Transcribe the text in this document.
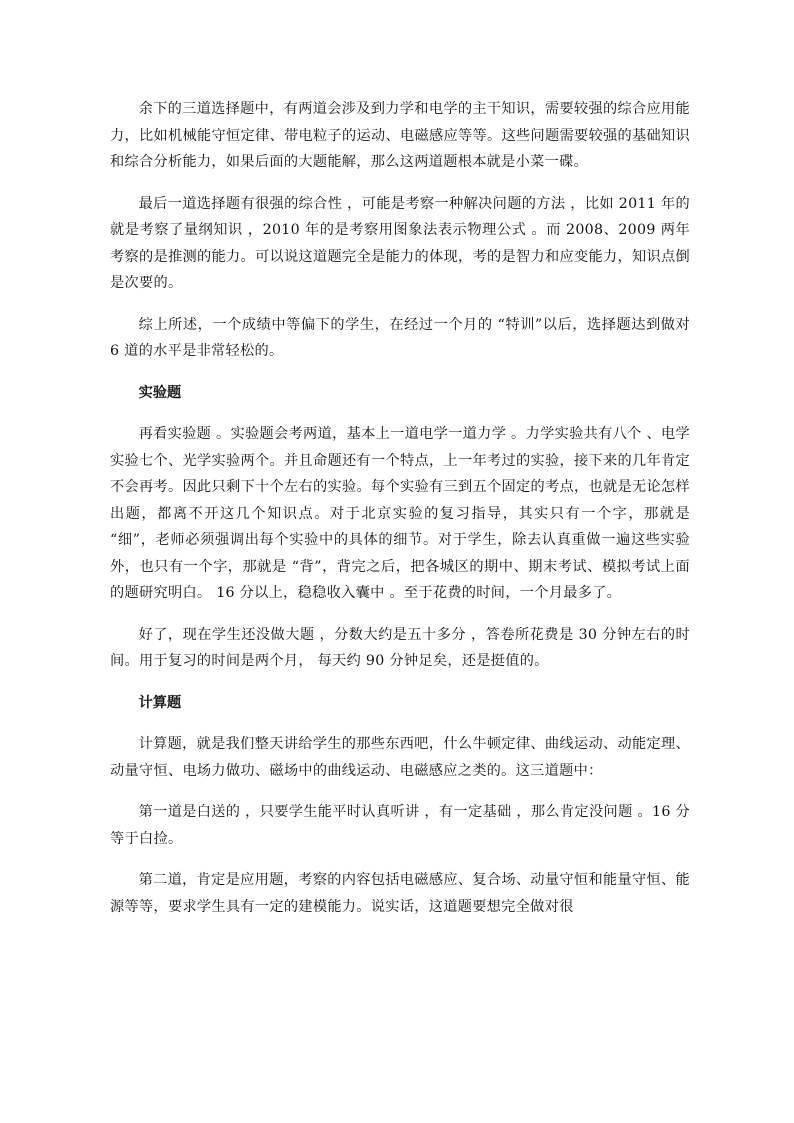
余下的三道选择题中，有两道会涉及到力学和电学的主干知识，需要较强的综合应用能力，比如机械能守恒定律、带电粒子的运动、电磁感应等等。这些问题需要较强的基础知识和综合分析能力，如果后面的大题能解，那么这两道题根本就是小菜一碟。

最后一道选择题有很强的综合性 ，可能是考察一种解决问题的方法 ，比如 2011 年的就是考察了量纲知识 ，2010 年的是考察用图象法表示物理公式 。而 2008、2009 两年考察的是推测的能力。可以说这道题完全是能力的体现，考的是智力和应变能力，知识点倒是次要的。

综上所述，一个成绩中等偏下的学生，在经过一个月的 “特训”以后，选择题达到做对 6 道的水平是非常轻松的。

实验题

再看实验题 。实验题会考两道，基本上一道电学一道力学 。力学实验共有八个 、电学实验七个、光学实验两个。并且命题还有一个特点，上一年考过的实验，接下来的几年肯定不会再考。因此只剩下十个左右的实验。每个实验有三到五个固定的考点，也就是无论怎样出题，都离不开这几个知识点。对于北京实验的复习指导，其实只有一个字，那就是 “细”，老师必须强调出每个实验中的具体的细节。对于学生，除去认真重做一遍这些实验外，也只有一个字，那就是 “背”，背完之后，把各城区的期中、期末考试、模拟考试上面的题研究明白。 16 分以上，稳稳收入囊中 。至于花费的时间，一个月最多了。

好了，现在学生还没做大题 ，分数大约是五十多分 ，答卷所花费是 30 分钟左右的时间。用于复习的时间是两个月， 每天约 90 分钟足矣，还是挺值的。

计算题

计算题，就是我们整天讲给学生的那些东西吧，什么牛顿定律、曲线运动、动能定理、动量守恒、电场力做功、磁场中的曲线运动、电磁感应之类的。这三道题中：

第一道是白送的 ，只要学生能平时认真听讲 ，有一定基础 ，那么肯定没问题 。16 分等于白捡。

第二道，肯定是应用题，考察的内容包括电磁感应、复合场、动量守恒和能量守恒、能源等等，要求学生具有一定的建模能力。说实话，这道题要想完全做对很
